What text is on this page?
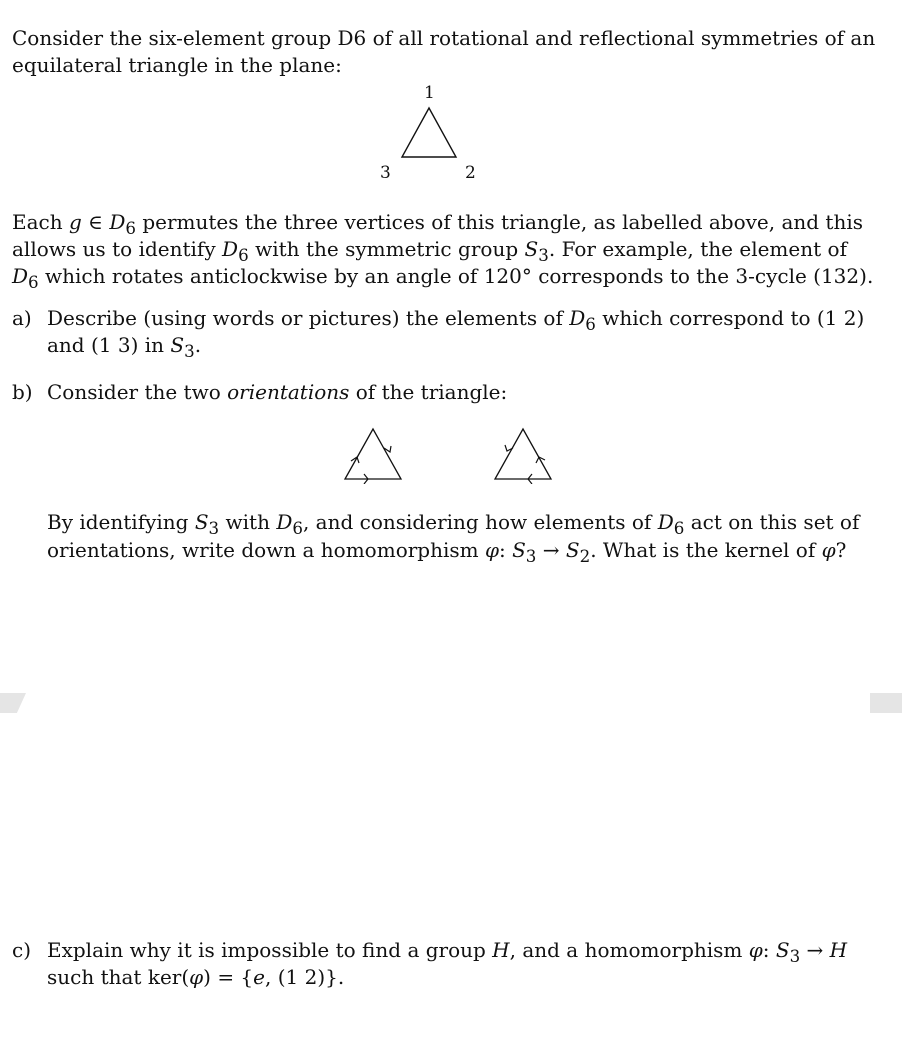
Consider the six-element group D6 of all rotational and reflectional symmetries of an
equilateral triangle in the plane:
1
3	2
Each g ∈ $D_6$ permutes the three vertices of this triangle, as labelled above, and this
allows us to identify $D_6$ with the symmetric group $S_3$. For example, the element of
$D_6$ which rotates anticlockwise by an angle of 120° corresponds to the 3-cycle (132).
a) Describe (using words or pictures) the elements of $D_6$ which correspond to (1 2)
and (1 3) in $S_3$.
b) Consider the two orientations of the triangle:
By identifying $S_3$ with $D_6$, and considering how elements of $D_6$ act on this set of
orientations, write down a homomorphism φ: $S_3 \to S_2$. What is the kernel of φ?
c) Explain why it is impossible to find a group H, and a homomorphism φ: $S_3 \to H$
such that ker(φ) = {e, (1 2)}.
